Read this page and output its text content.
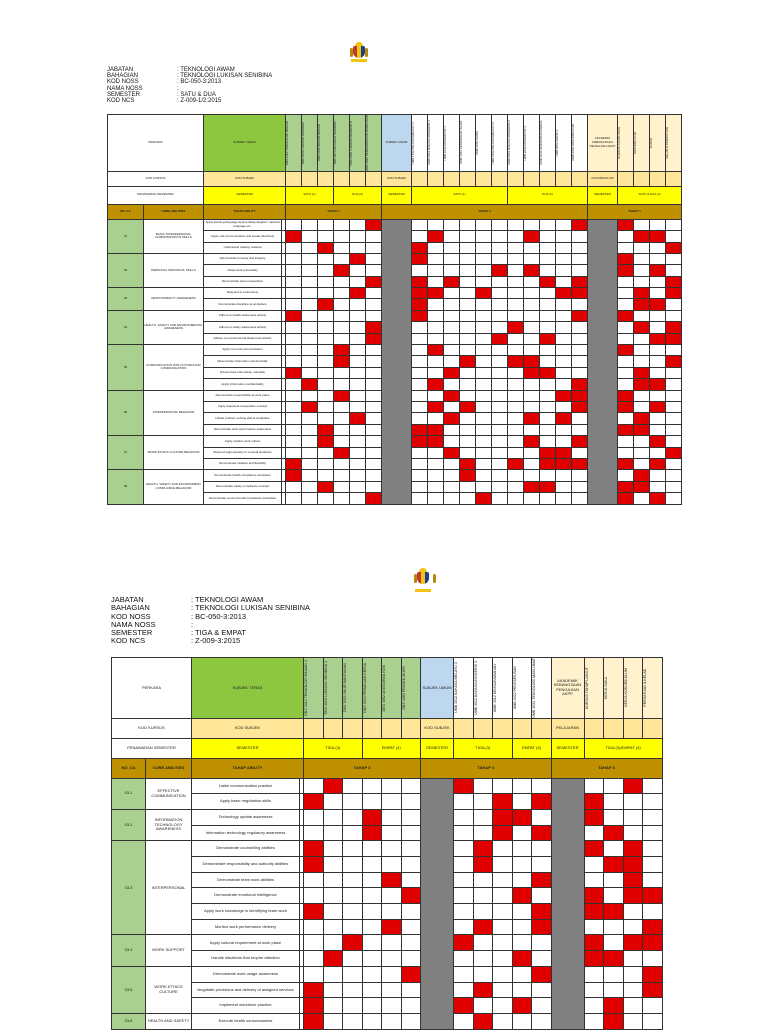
JABATAN	: TEKNOLOGI AWAM
BAHAGIAN	: TEKNOLOGI LUKISAN SENIBINA
KOD NOSS	: BC-050-3:2013
NAMA NOSS	:
SEMESTER	: SATU & DUA
KOD NCS	: Z-009-1/2:2015
PERKARA		SUBJEK TERAS		DBS 1052 TEKNOLOGI BINAAN	DBS 1062 LUKISAN SENIBINA	DBS 1042 BAHAN BINAAN	DBS 2073 SEJARAH SENIBINA	DBS 2082 LUKISAN BERBANTU	DBS 2092 PERKHIDMATAN BANGUNAN	SUBJEK UMUM	UMB 1012 BAHASA MELAYU 1	UMB 1022 BAHASA INGGERIS 1	UMB 1032 MATEMATIK 1	UMB 1042 PENDIDIKAN ISLAM	UMB 1052 SAINS	UMB 2012 BAHASA MELAYU 2	UMB 2022 BAHASA INGGERIS 2	UMB 2032 MATEMATIK 2	UMB 2042 PENDIDIKAN MORAL	UMB 2052 SAINS 2	UMB 2062 KOKURIKULUM	AKADEMIK KEBANGSAAN PENGAJIAN AKPP	KURSUS TAHAP ASAS	KOKURIKULUM	SUKAN	KELAB & PERSATUAN

KOD KURSUS		KOD SUBJEK								KOD SUBJEK												KOKURIKULUM				
PENAWARAN SEMESTER		SEMESTER		SATU (1)			DUA (2)			SEMESTER	SATU (1)						DUA (2)					SEMESTER	SATU & DUA (2)			
NO. CA	CORE ABILITIES	TAHAP ABILITY		TAHAP 1						TAHAP 1												TAHAP 1				
01	BASIC INTERPERSONAL COMMUNICATION SKILLS	Apply learning language appropriately English / national language etc.																								
		Apply oral communication and speak effectively																								
		Understand reading material																								
02	PERSONAL INDIVIDUAL SKILLS	Demonstrate honesty and integrity																								
		Adapt work punctuality																								
		Demonstrate team cooperation																								
03	RESPONSIBILITY AWARENESS	Respond to instructions																								
		Demonstrate discipline at workplace																								
04	HEALTH, SAFETY AND ENVIRONMENTAL AWARENESS	Adhere to health awareness activity																								
		Adhere to safety awareness activity																								
		Adhere to environmental awareness activity																								
05	COMMUNICATION WITH SYSTEM AND COMMUNICATION	Apply non-oral communication																								
		Disseminate information electronically																								
		Disseminate information manually																								
		Apply information confidentiality																								
06	INTERPERSONAL BEHAVIOR	Demonstrate responsibility at work place																								
		Apply teamwork cooperation concept																								
		Initiate problem solving skill at workplace																								
		Demonstrate work performance awareness																								
07	WORK ETHICS CULTURE BEHAVIOR	Apply positive work culture																								
		Respond appropriately to unusual situations																								
		Demonstrate initiative and flexibility																								
08	HEALTH, SAFETY AND ENVIRONMENT COMPLIANCE BEHAVIOR	Demonstrate health compliance workplace																								
		Demonstrate safety compliance concept																								
		Demonstrate environmental compliance workplace																								
JABATAN	: TEKNOLOGI AWAM
BAHAGIAN	: TEKNOLOGI LUKISAN SENIBINA
KOD NOSS	: BC-050-3:2013
NAMA NOSS	:
SEMESTER	: TIGA & EMPAT
KOD NCS	: Z-009-3:2015
PERKARA		SUBJEK TERAS		DBS 3013 TEKNOLOGI BINAAN 3	DBS 3023 LUKISAN SENIBINA 3	DBS 3033 UKUR BANGUNAN	DBS 4043 PERAKUAN KERJA	DBS 4052 ANGGARAN KOS	DBS 4063 PROJEK AKHIR	SUBJEK UMUM	UMB 3012 BAHASA MELAYU 3	UMB 3022 BAHASA INGGERIS 3	UMB 4012 KEUSAHAWANAN	UMB 4022 PENGURUSAN	UMB 4032 TEKNOLOGI MAKLUMAT	AKADEMIK KEBANGSAAN PENGAJIAN AKPP	KURSUS TAHAP LANJUT	KERJA SUKA	KERJA KOKURIKULUM	PERSATUAN & KELAB

KOD KURSUS		KOD SUBJEK								KOD SUBJEK						PELAJARAN				
PENAWARAN SEMESTER		SEMESTER		TIGA (3)			EMPAT (4)			SEMESTER	TIGA (3)			EMPAT (4)		SEMESTER	TIGA (3)/EMPAT (4)			
NO. CA	CORE ABILITIES	TAHAP ABILITY		TAHAP 3						TAHAP 3						TAHAP 3				
03.1	EFFECTIVE COMMUNICATION	Liaise communication practice																		
		Apply basic negotiation skills																		
03.2	INFORMATION TECHNOLOGY AWARENESS	Technology update awareness																		
		Information technology regulatory awareness																		
03.3	INTERPERSONAL	Demonstrate counselling abilities																		
		Demonstrate responsibility and authority abilities																		
		Demonstrate team work abilities																		
		Demonstrate emotional intelligence																		
		Apply work knowledge in identifying team work																		
		Monitor work performance delivery																		
03.4	WORK SUPPORT	Apply cultural requirement at work place																		
		Handle situations that require attention																		
03.5	WORK ETHICS CULTURE	Demonstrate work usage awareness																		
		Negotiate provisions and delivery of assigned services																		
		Implement workforce practice																		
03.6	HEALTH AND SAFETY	Execute health consciousness																		
